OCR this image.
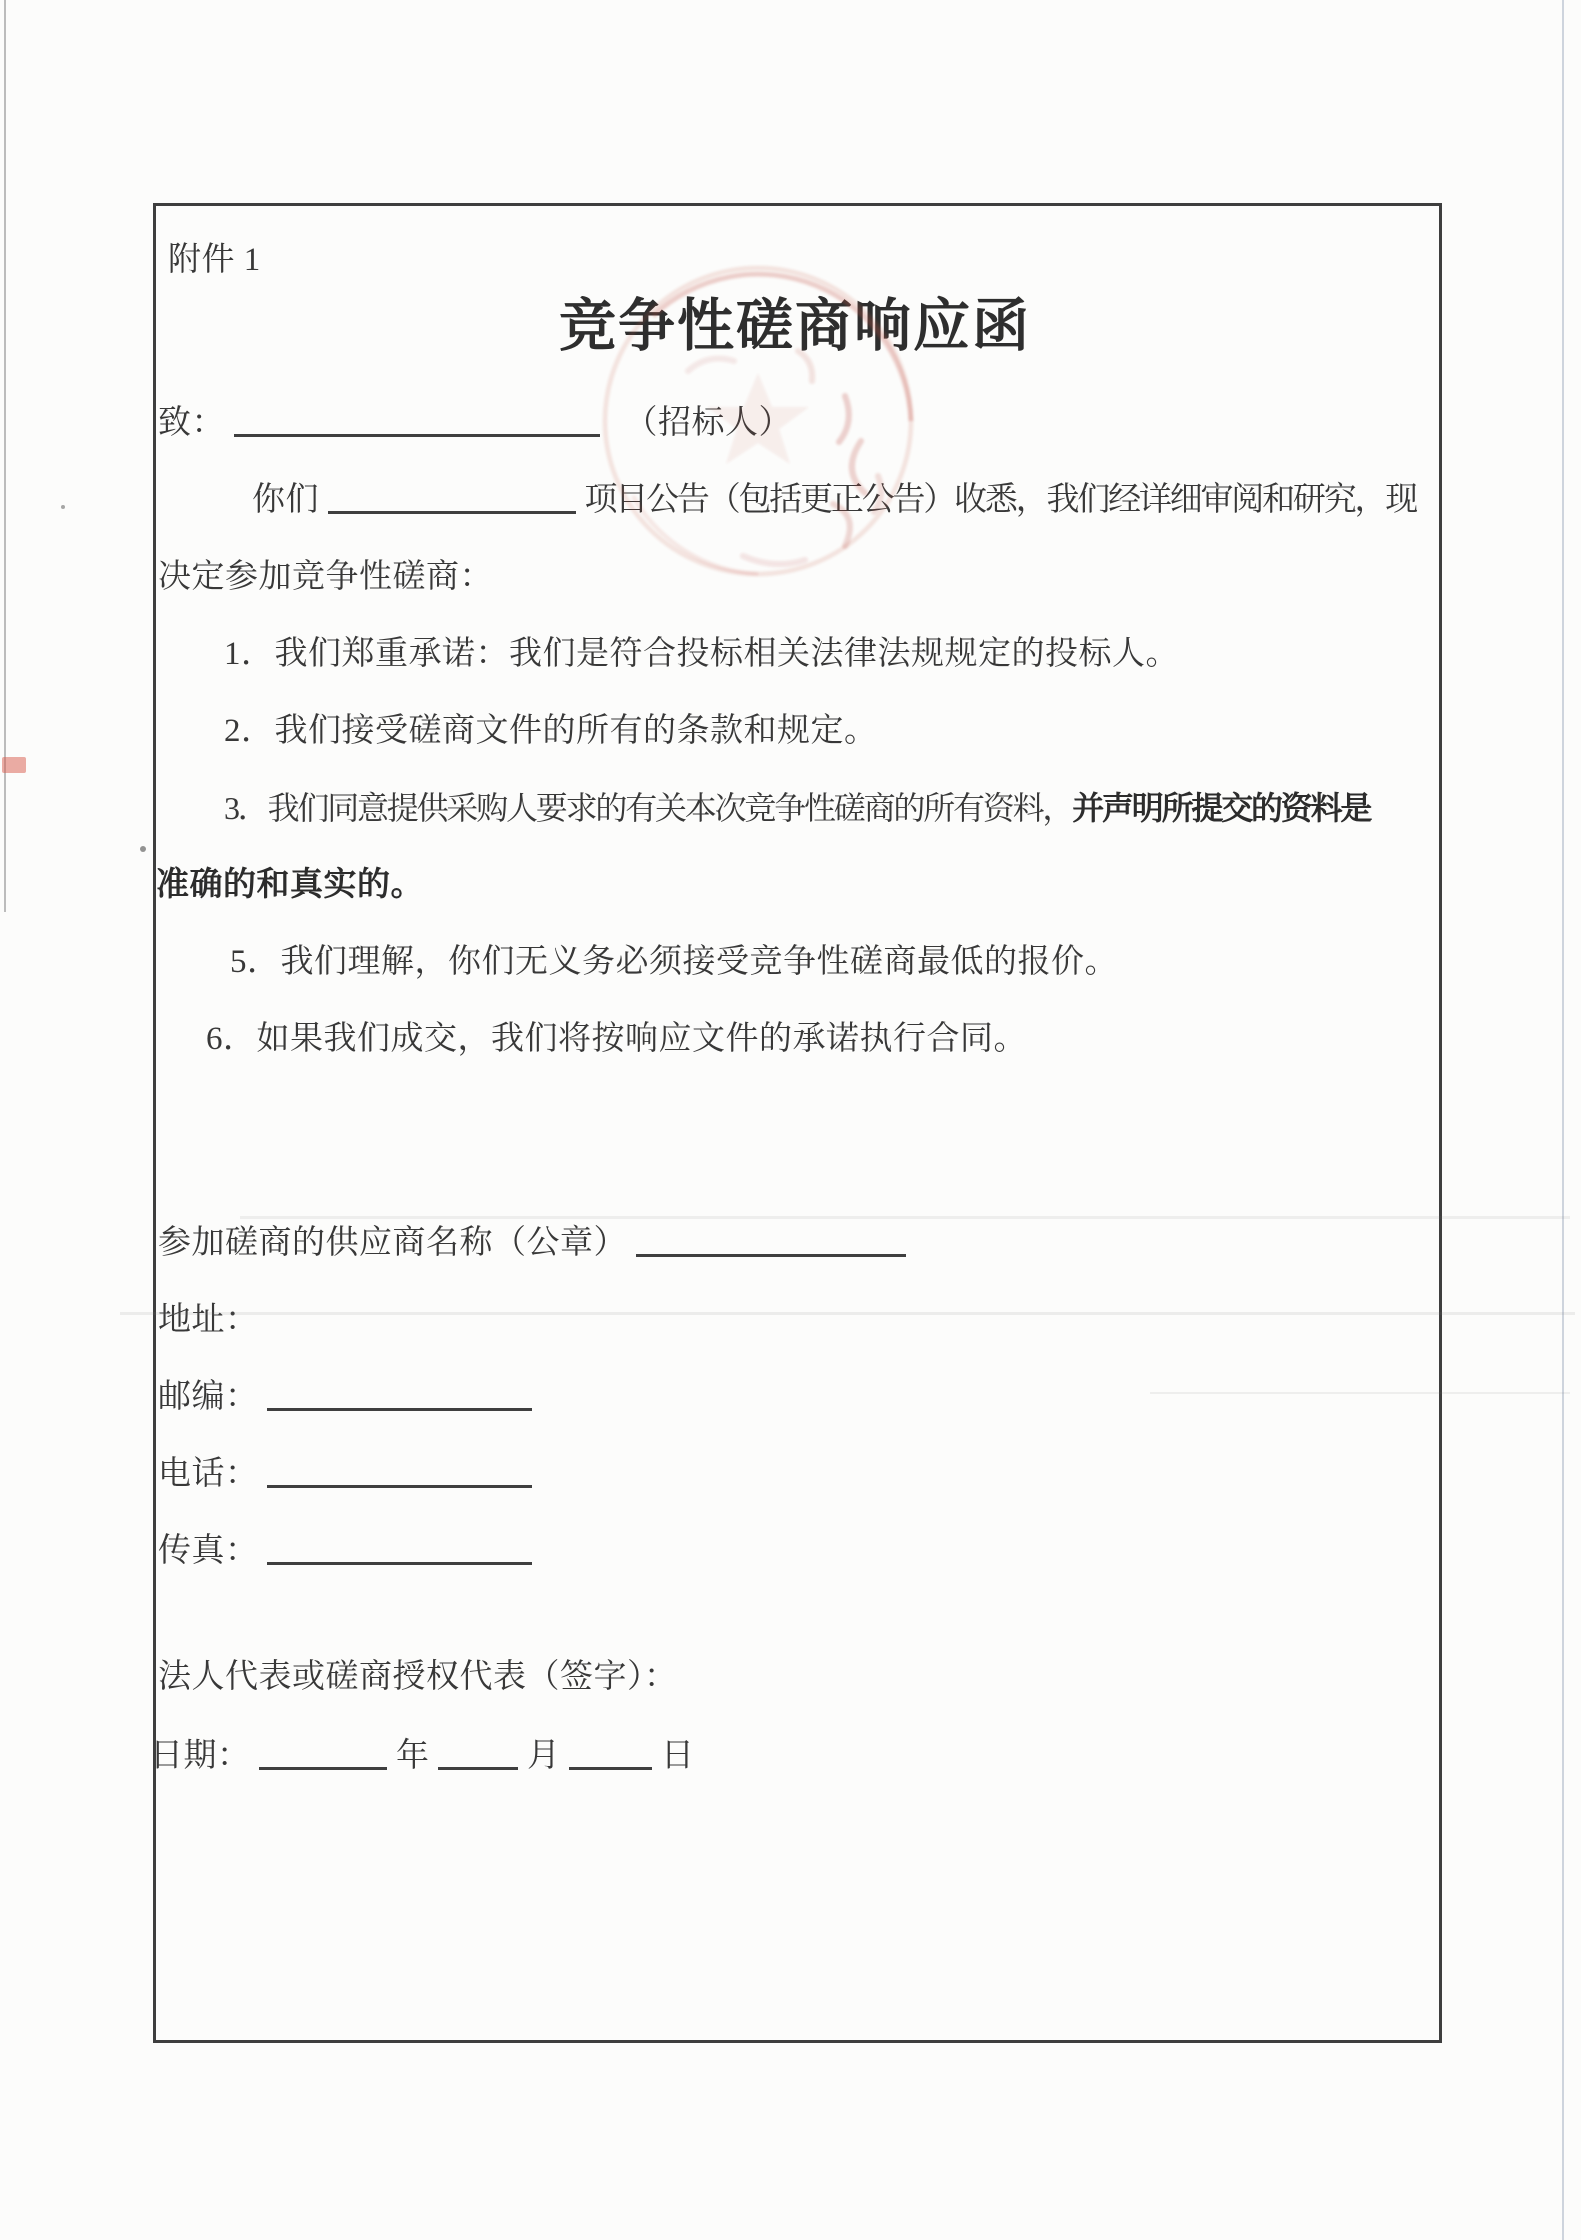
附件 1
竞争性磋商响应函
致：	（招标人）
你们	项目公告（包括更正公告）收悉，我们经详细审阅和研究，现
决定参加竞争性磋商：
1．我们郑重承诺：我们是符合投标相关法律法规规定的投标人。
2．我们接受磋商文件的所有的条款和规定。
3．我们同意提供采购人要求的有关本次竞争性磋商的所有资料，并声明所提交的资料是
准确的和真实的。
5．我们理解，你们无义务必须接受竞争性磋商最低的报价。
6．如果我们成交，我们将按响应文件的承诺执行合同。
参加磋商的供应商名称（公章）
地址：
邮编：
电话：
传真：
法人代表或磋商授权代表（签字）：
日期：	年	月	日
